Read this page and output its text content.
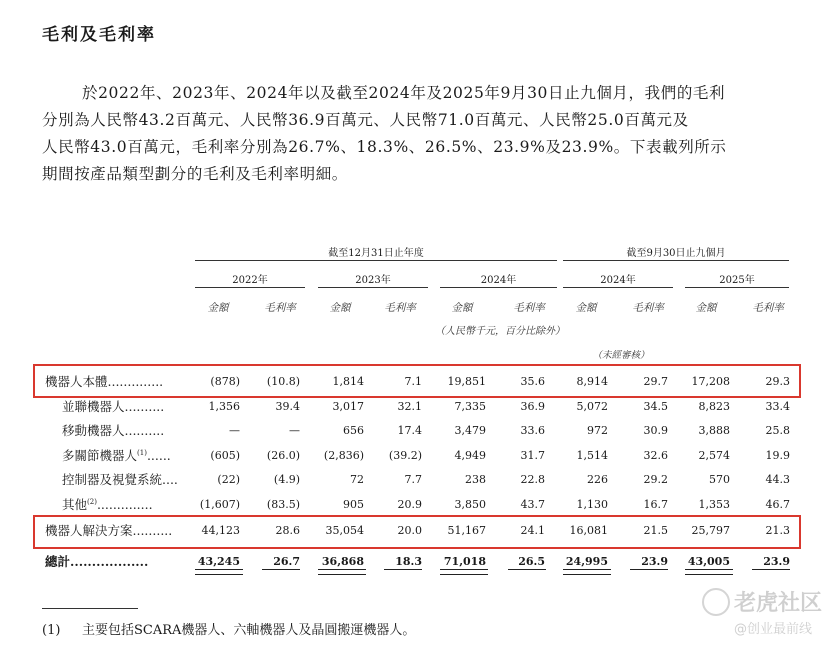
毛利及毛利率
於2022年、2023年、2024年以及截至2024年及2025年9月30日止九個月，我們的毛利
分別為人民幣43.2百萬元、人民幣36.9百萬元、人民幣71.0百萬元、人民幣25.0百萬元及
人民幣43.0百萬元，毛利率分別為26.7%、18.3%、26.5%、23.9%及23.9%。下表載列所示
期間按產品類型劃分的毛利及毛利率明細。
截至12月31日止年度	截至9月30日止九個月
2022年	2023年	2024年	2024年	2025年
金額	毛利率	金額	毛利率	金額	毛利率	金額	毛利率	金額	毛利率
（人民幣千元，百分比除外）
（未經審核）
機器人本體..............	(878)	(10.8)	1,814	7.1	19,851	35.6	8,914	29.7	17,208	29.3
並聯機器人..........	1,356	39.4	3,017	32.1	7,335	36.9	5,072	34.5	8,823	33.4
移動機器人..........	—	—	656	17.4	3,479	33.6	972	30.9	3,888	25.8
多關節機器人$^{(1)}$......	(605)	(26.0)	(2,836)	(39.2)	4,949	31.7	1,514	32.6	2,574	19.9
控制器及視覺系統....	(22)	(4.9)	72	7.7	238	22.8	226	29.2	570	44.3
其他$^{(2)}$..............	(1,607)	(83.5)	905	20.9	3,850	43.7	1,130	16.7	1,353	46.7
機器人解決方案..........	44,123	28.6	35,054	20.0	51,167	24.1	16,081	21.5	25,797	21.3
總計..................	43,245	26.7	36,868	18.3	71,018	26.5	24,995	23.9	43,005	23.9
(1) 主要包括SCARA機器人、六軸機器人及晶圓搬運機器人。
老虎社区
@创业最前线
